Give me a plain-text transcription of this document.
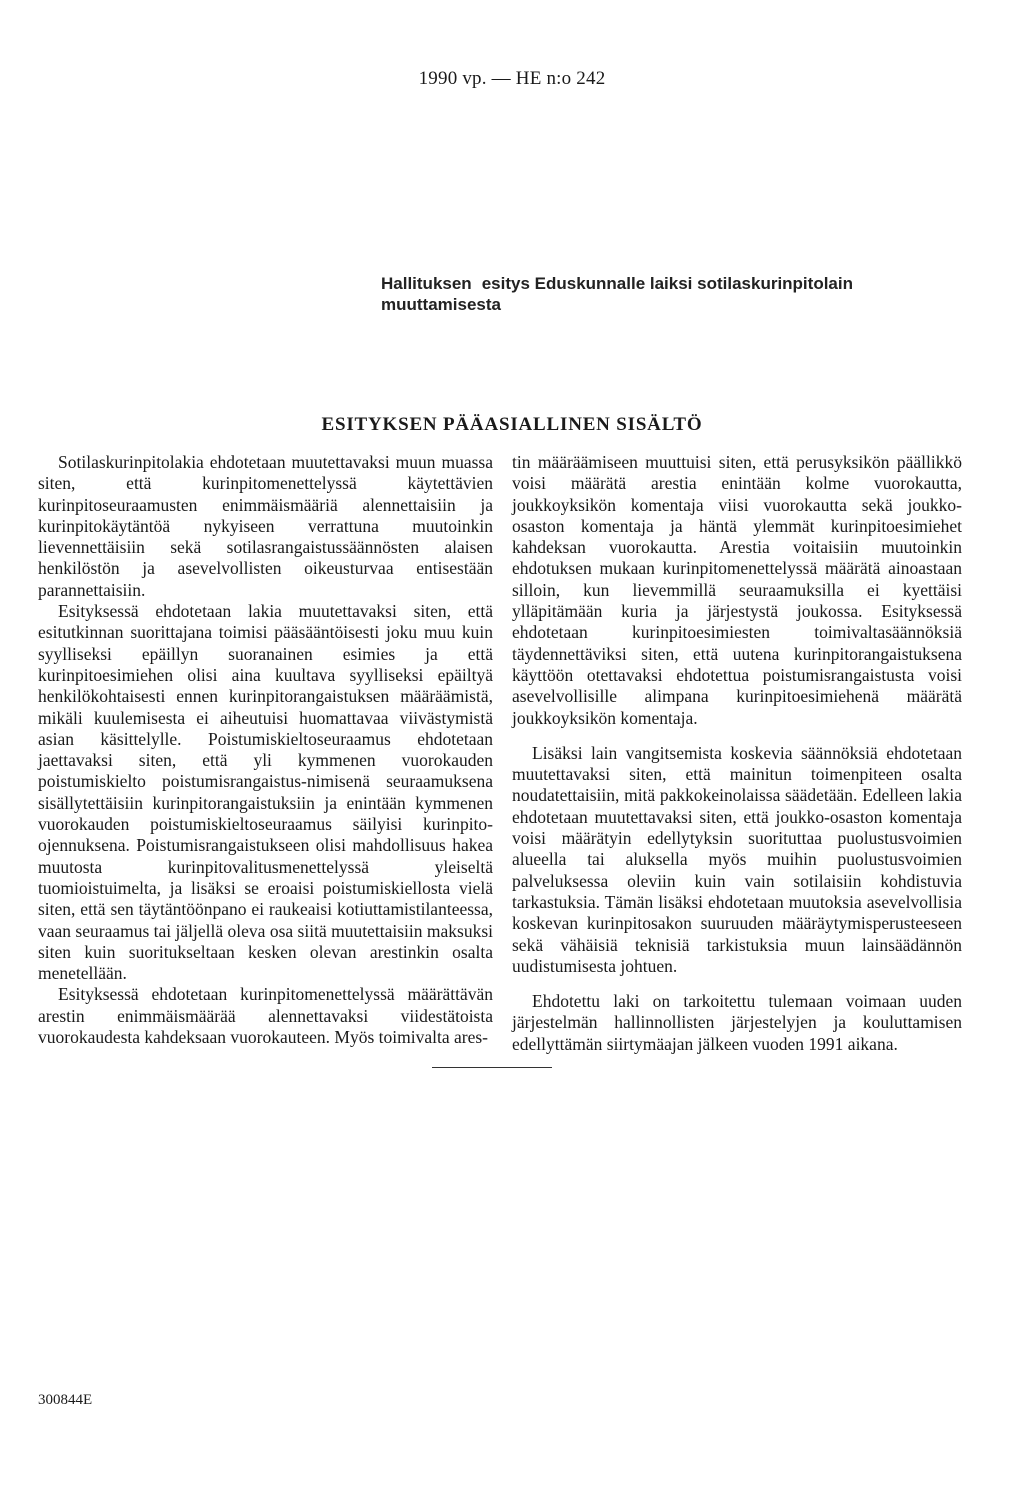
1990 vp. — HE n:o 242
Hallituksen esitys Eduskunnalle laiksi sotilaskurinpitolain
muuttamisesta
ESITYKSEN PÄÄASIALLINEN SISÄLTÖ

Sotilaskurinpitolakia ehdotetaan muutettavaksi muun muassa siten, että kurinpitomenettelyssä käytettävien kurinpitoseuraamusten enimmäismääriä alennettaisiin ja kurinpitokäytäntöä nykyiseen verrattuna muutoinkin lievennettäisiin sekä sotilasrangaistussäännösten alaisen henkilöstön ja asevelvollisten oikeusturvaa entisestään parannettaisiin.

Esityksessä ehdotetaan lakia muutettavaksi siten, että esitutkinnan suorittajana toimisi pääsääntöisesti joku muu kuin syylliseksi epäillyn suoranainen esimies ja että kurinpitoesimiehen olisi aina kuultava syylliseksi epäiltyä henkilökohtaisesti ennen kurinpitorangaistuksen määräämistä, mikäli kuulemisesta ei aiheutuisi huomattavaa viivästymistä asian käsittelylle. Poistumiskieltoseuraamus ehdotetaan jaettavaksi siten, että yli kymmenen vuorokauden poistumiskielto poistumisrangaistus-nimisenä seuraamuksena sisällytettäisiin kurinpitorangaistuksiin ja enintään kymmenen vuorokauden poistumiskieltoseuraamus säilyisi kurinpito-ojennuksena. Poistumisrangaistukseen olisi mahdollisuus hakea muutosta kurinpitovalitusmenettelyssä yleiseltä tuomioistuimelta, ja lisäksi se eroaisi poistumiskiellosta vielä siten, että sen täytäntöönpano ei raukeaisi kotiuttamistilanteessa, vaan seuraamus tai jäljellä oleva osa siitä muutettaisiin maksuksi siten kuin suoritukseltaan kesken olevan arestinkin osalta menetellään.

Esityksessä ehdotetaan kurinpitomenettelyssä määrättävän arestin enimmäismäärää alennettavaksi viidestätoista vuorokaudesta kahdeksaan vuorokauteen. Myös toimivalta ares-

tin määräämiseen muuttuisi siten, että perusyksikön päällikkö voisi määrätä arestia enintään kolme vuorokautta, joukkoyksikön komentaja viisi vuorokautta sekä joukko-osaston komentaja ja häntä ylemmät kurinpitoesimiehet kahdeksan vuorokautta. Arestia voitaisiin muutoinkin ehdotuksen mukaan kurinpitomenettelyssä määrätä ainoastaan silloin, kun lievemmillä seuraamuksilla ei kyettäisi ylläpitämään kuria ja järjestystä joukossa. Esityksessä ehdotetaan kurinpitoesimiesten toimivaltasäännöksiä täydennettäviksi siten, että uutena kurinpitorangaistuksena käyttöön otettavaksi ehdotettua poistumisrangaistusta voisi asevelvollisille alimpana kurinpitoesimiehenä määrätä joukkoyksikön komentaja.

Lisäksi lain vangitsemista koskevia säännöksiä ehdotetaan muutettavaksi siten, että mainitun toimenpiteen osalta noudatettaisiin, mitä pakkokeinolaissa säädetään. Edelleen lakia ehdotetaan muutettavaksi siten, että joukko-osaston komentaja voisi määrätyin edellytyksin suorituttaa puolustusvoimien alueella tai aluksella myös muihin puolustusvoimien palveluksessa oleviin kuin vain sotilaisiin kohdistuvia tarkastuksia. Tämän lisäksi ehdotetaan muutoksia asevelvollisia koskevan kurinpitosakon suuruuden määräytymisperusteeseen sekä vähäisiä teknisiä tarkistuksia muun lainsäädännön uudistumisesta johtuen.

Ehdotettu laki on tarkoitettu tulemaan voimaan uuden järjestelmän hallinnollisten järjestelyjen ja kouluttamisen edellyttämän siirtymäajan jälkeen vuoden 1991 aikana.

300844E
